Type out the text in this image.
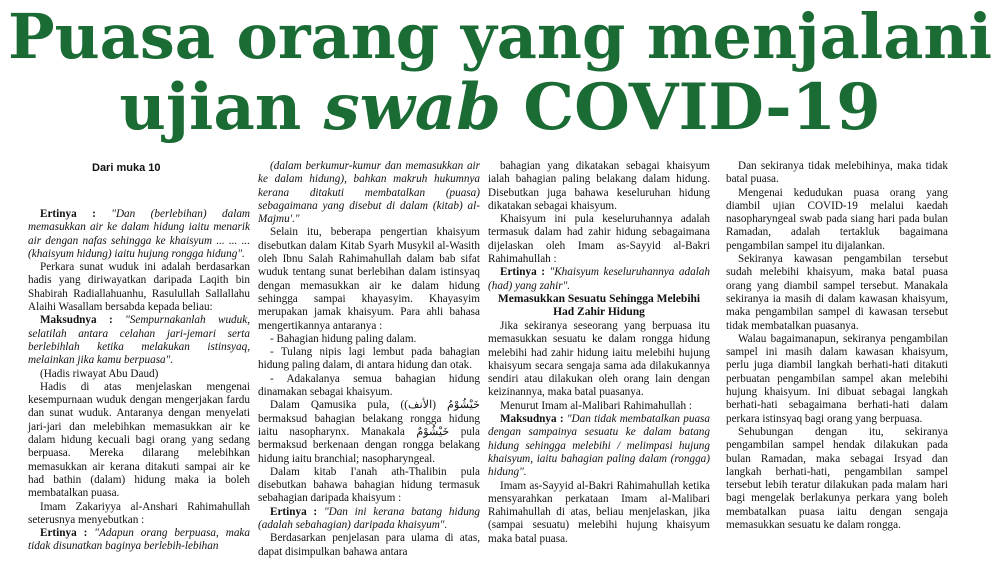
Puasa orang yang menjalani
ujian swab COVID-19
Dari muka 10

Ertinya : "Dan (berlebihan) dalam memasukkan air ke dalam hidung iaitu menarik air dengan nafas sehingga ke khaisyum ... ... ...(khaisyum hidung) iaitu hujung rongga hidung".

Perkara sunat wuduk ini adalah berdasarkan hadis yang diriwayatkan daripada Laqith bin Shabirah Radiallahuanhu, Rasulullah Sallallahu Alaihi Wasallam bersabda kepada beliau:

Maksudnya : "Sempurnakanlah wuduk, selatilah antara celahan jari-jemari serta berlebihlah ketika melakukan istinsyaq, melainkan jika kamu berpuasa".

(Hadis riwayat Abu Daud)

Hadis di atas menjelaskan mengenai kesempurnaan wuduk dengan mengerjakan fardu dan sunat wuduk. Antaranya dengan menyelati jari-jari dan melebihkan memasukkan air ke dalam hidung kecuali bagi orang yang sedang berpuasa. Mereka dilarang melebihkan memasukkan air kerana ditakuti sampai air ke had bathin (dalam) hidung maka ia boleh membatalkan puasa.

Imam Zakariyya al-Anshari Rahimahullah seterusnya menyebutkan :

Ertinya : "Adapun orang berpuasa, maka tidak disunatkan baginya berlebih-lebihan

(dalam berkumur-kumur dan memasukkan air ke dalam hidung), bahkan makruh hukumnya kerana ditakuti membatalkan (puasa) sebagaimana yang disebut di dalam (kitab) al-Majmu'."

Selain itu, beberapa pengertian khaisyum disebutkan dalam Kitab Syarh Musykil al-Wasith oleh Ibnu Salah Rahimahullah dalam bab sifat wuduk tentang sunat berlebihan dalam istinsyaq dengan memasukkan air ke dalam hidung sehingga sampai khayasyim. Khayasyim merupakan jamak khaisyum. Para ahli bahasa mengertikannya antaranya :

- Bahagian hidung paling dalam.

- Tulang nipis lagi lembut pada bahagian hidung paling dalam, di antara hidung dan otak.

- Adakalanya semua bahagian hidung dinamakan sebagai khaisyum.

Dalam Qamusika pula, (خَيْشُوْمُ (الأنف) bermaksud bahagian belakang rongga hidung iaitu nasopharynx. Manakala خَيْشُوْمٌ pula bermaksud berkenaan dengan rongga belakang hidung iaitu branchial; nasopharyngeal.

Dalam kitab I'anah ath-Thalibin pula disebutkan bahawa bahagian hidung termasuk sebahagian daripada khaisyum :

Ertinya : "Dan ini kerana batang hidung (adalah sebahagian) daripada khaisyum".

Berdasarkan penjelasan para ulama di atas, dapat disimpulkan bahawa antara

bahagian yang dikatakan sebagai khaisyum ialah bahagian paling belakang dalam hidung. Disebutkan juga bahawa keseluruhan hidung dikatakan sebagai khaisyum.

Khaisyum ini pula keseluruhannya adalah termasuk dalam had zahir hidung sebagaimana dijelaskan oleh Imam as-Sayyid al-Bakri Rahimahullah :

Ertinya : "Khaisyum keseluruhannya adalah (had) yang zahir".

Memasukkan Sesuatu Sehingga Melebihi Had Zahir Hidung

Jika sekiranya seseorang yang berpuasa itu memasukkan sesuatu ke dalam rongga hidung melebihi had zahir hidung iaitu melebihi hujung khaisyum secara sengaja sama ada dilakukannya sendiri atau dilakukan oleh orang lain dengan keizinannya, maka batal puasanya.

Menurut Imam al-Malibari Rahimahullah :

Maksudnya : "Dan tidak membatalkan puasa dengan sampainya sesuatu ke dalam batang hidung sehingga melebihi / melimpasi hujung khaisyum, iaitu bahagian paling dalam (rongga) hidung".

Imam as-Sayyid al-Bakri Rahimahullah ketika mensyarahkan perkataan Imam al-Malibari Rahimahullah di atas, beliau menjelaskan, jika (sampai sesuatu) melebihi hujung khaisyum maka batal puasa.

Dan sekiranya tidak melebihinya, maka tidak batal puasa.

Mengenai kedudukan puasa orang yang diambil ujian COVID-19 melalui kaedah nasopharyngeal swab pada siang hari pada bulan Ramadan, adalah tertakluk bagaimana pengambilan sampel itu dijalankan.

Sekiranya kawasan pengambilan tersebut sudah melebihi khaisyum, maka batal puasa orang yang diambil sampel tersebut. Manakala sekiranya ia masih di dalam kawasan khaisyum, maka pengambilan sampel di kawasan tersebut tidak membatalkan puasanya.

Walau bagaimanapun, sekiranya pengambilan sampel ini masih dalam kawasan khaisyum, perlu juga diambil langkah berhati-hati ditakuti perbuatan pengambilan sampel akan melebihi hujung khaisyum. Ini dibuat sebagai langkah berhati-hati sebagaimana berhati-hati dalam perkara istinsyaq bagi orang yang berpuasa.

Sehubungan dengan itu, sekiranya pengambilan sampel hendak dilakukan pada bulan Ramadan, maka sebagai Irsyad dan langkah berhati-hati, pengambilan sampel tersebut lebih teratur dilakukan pada malam hari bagi mengelak berlakunya perkara yang boleh membatalkan puasa iaitu dengan sengaja memasukkan sesuatu ke dalam rongga.
